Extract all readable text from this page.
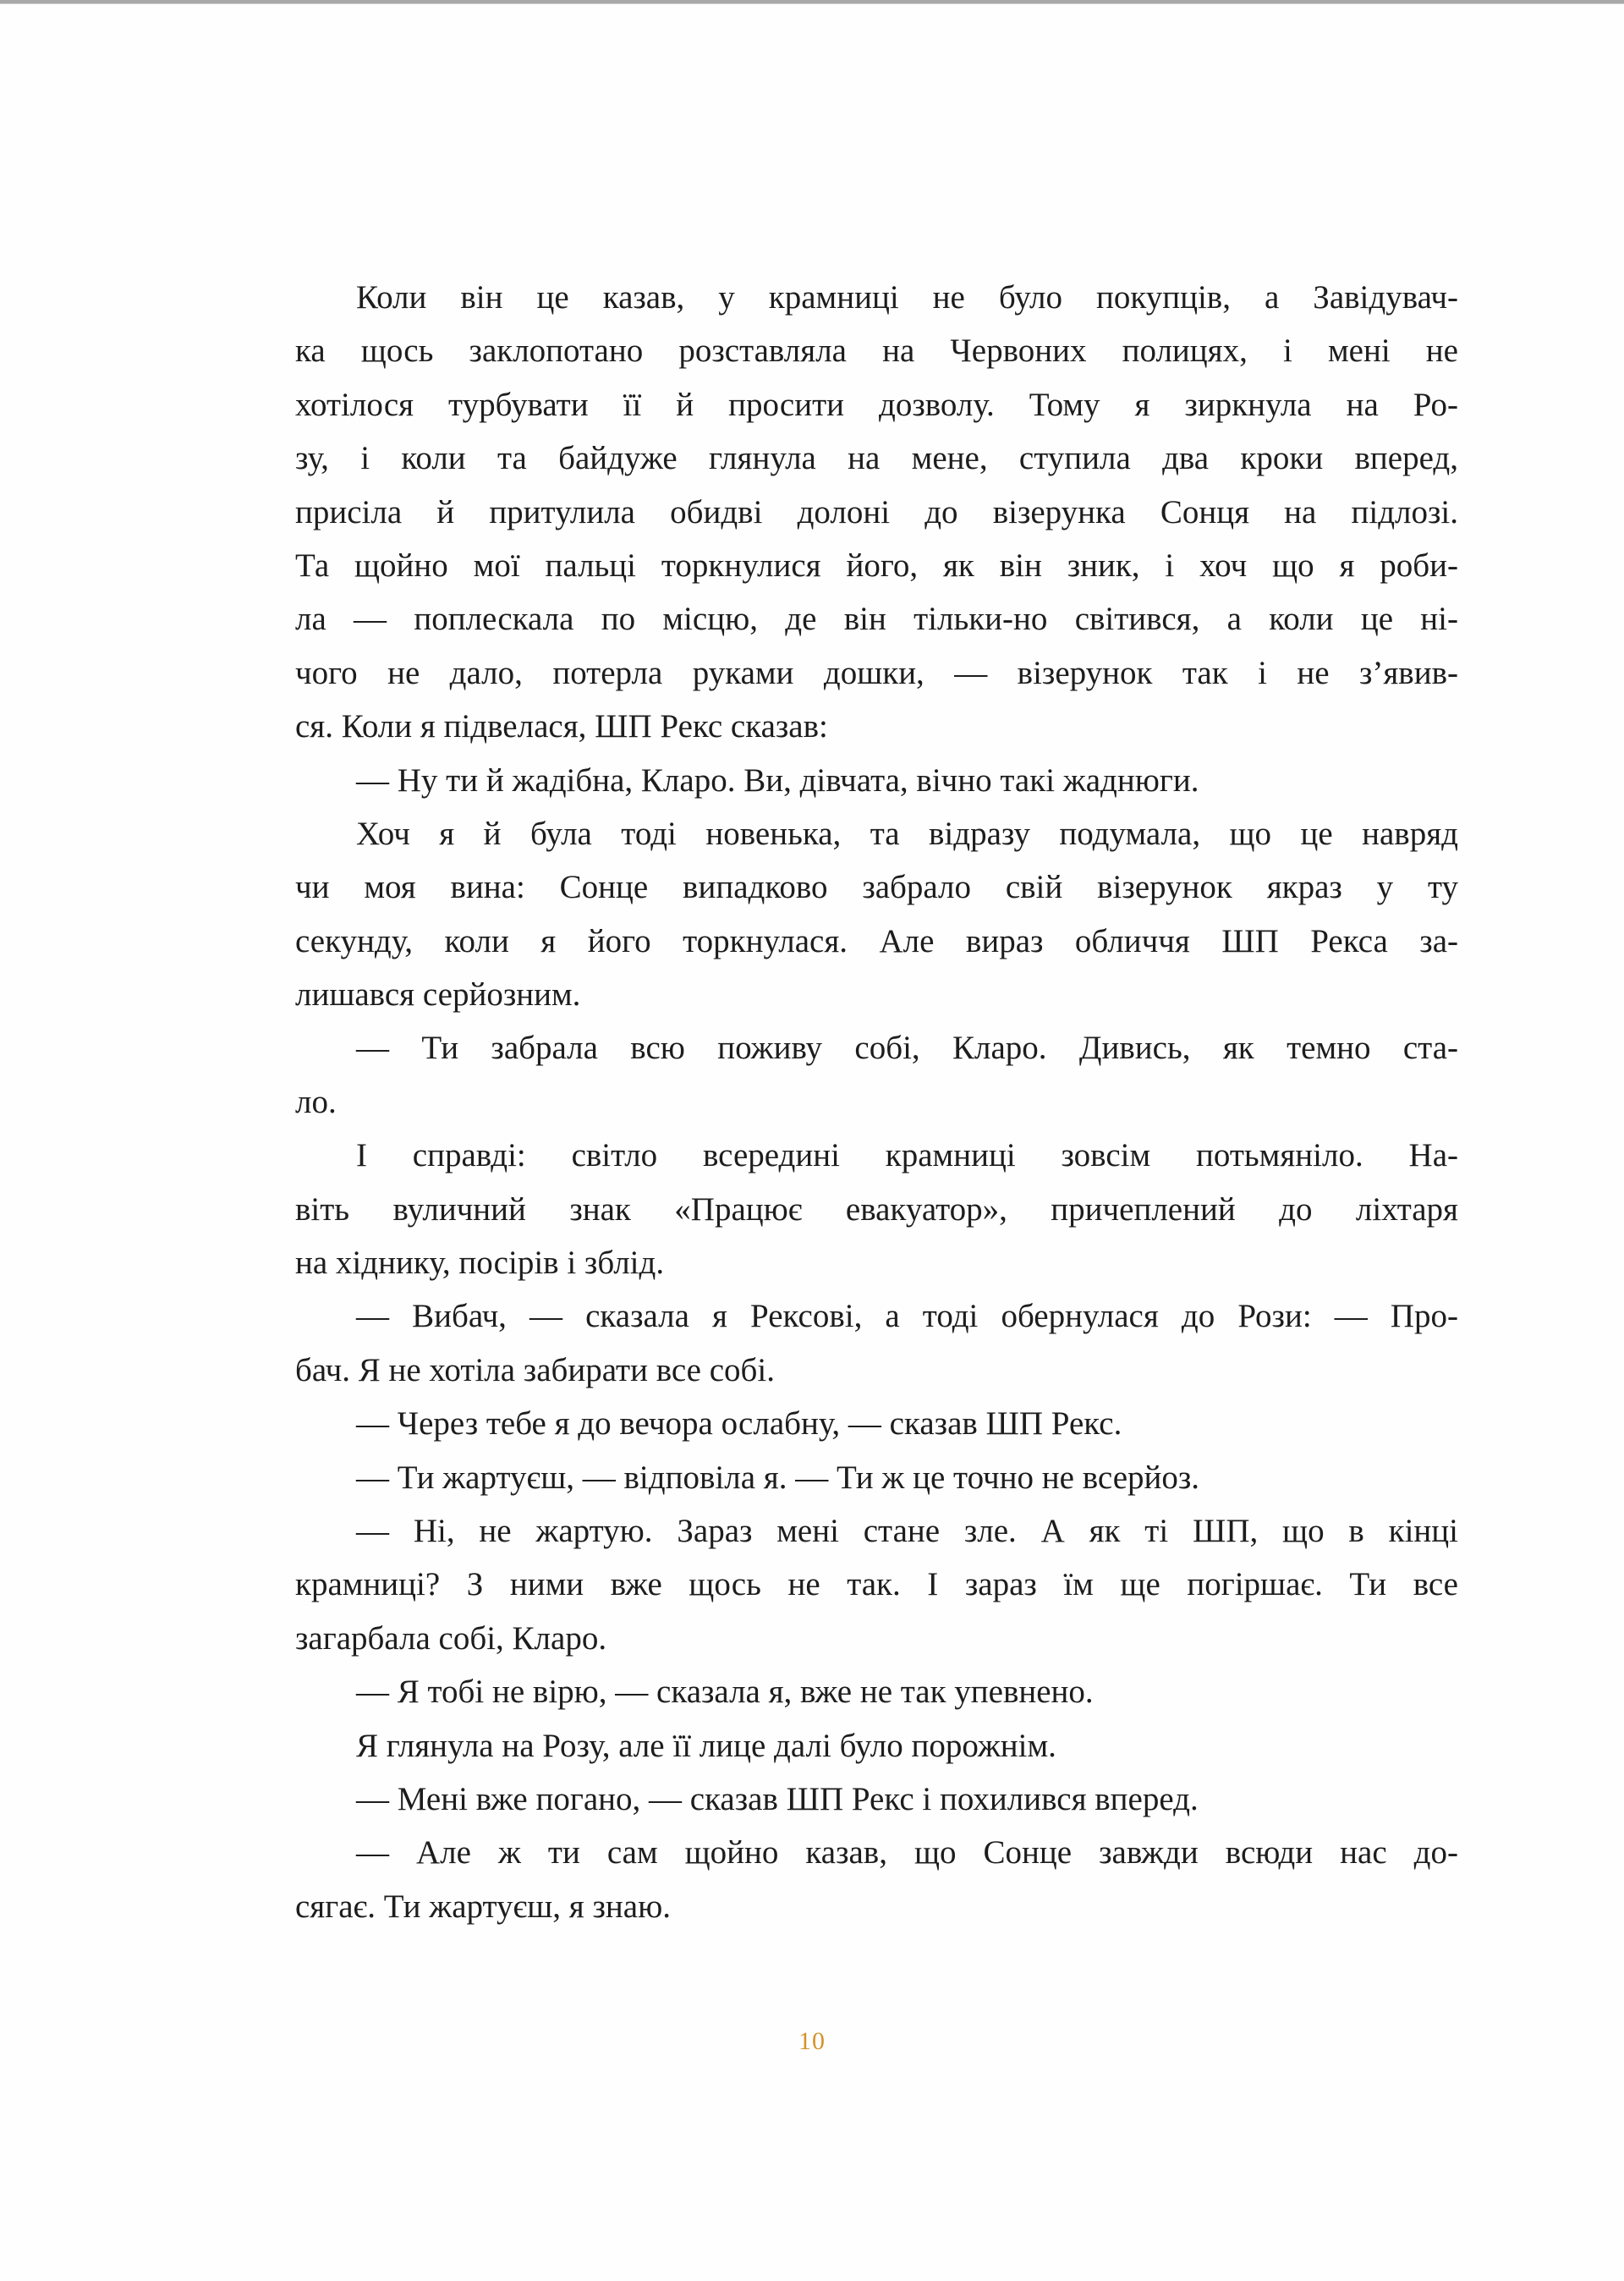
Коли він це казав, у крамниці не було покупців, а Завідувач-
ка щось заклопотано розставляла на Червоних полицях, і мені не
хотілося турбувати її й просити дозволу. Тому я зиркнула на Ро-
зу, і коли та байдуже глянула на мене, ступила два кроки вперед,
присіла й притулила обидві долоні до візерунка Сонця на підлозі.
Та щойно мої пальці торкнулися його, як він зник, і хоч що я роби-
ла — поплескала по місцю, де він тільки-но світився, а коли це ні-
чого не дало, потерла руками дошки, — візерунок так і не з’явив-
ся. Коли я підвелася, ШП Рекс сказав:
— Ну ти й жадібна, Кларо. Ви, дівчата, вічно такі жаднюги.
Хоч я й була тоді новенька, та відразу подумала, що це навряд
чи моя вина: Сонце випадково забрало свій візерунок якраз у ту
секунду, коли я його торкнулася. Але вираз обличчя ШП Рекса за-
лишався серйозним.
— Ти забрала всю поживу собі, Кларо. Дивись, як темно ста-
ло.
І справді: світло всередині крамниці зовсім потьмяніло. На-
віть вуличний знак «Працює евакуатор», причеплений до ліхтаря
на хіднику, посірів і зблід.
— Вибач, — сказала я Рексові, а тоді обернулася до Рози: — Про-
бач. Я не хотіла забирати все собі.
— Через тебе я до вечора ослабну, — сказав ШП Рекс.
— Ти жартуєш, — відповіла я. — Ти ж це точно не всерйоз.
— Ні, не жартую. Зараз мені стане зле. А як ті ШП, що в кінці
крамниці? З ними вже щось не так. І зараз їм ще погіршає. Ти все
загарбала собі, Кларо.
— Я тобі не вірю, — сказала я, вже не так упевнено.
Я глянула на Розу, але її лице далі було порожнім.
— Мені вже погано, — сказав ШП Рекс і похилився вперед.
— Але ж ти сам щойно казав, що Сонце завжди всюди нас до-
сягає. Ти жартуєш, я знаю.
10
